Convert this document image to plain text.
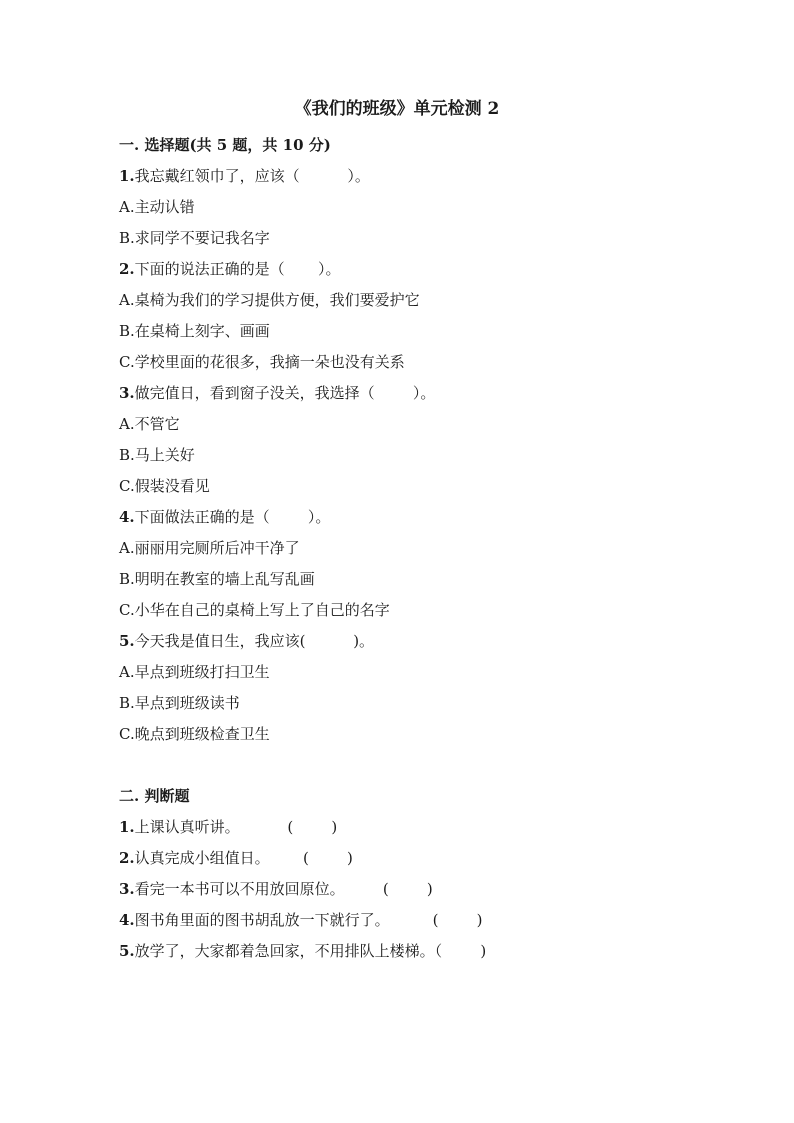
《我们的班级》单元检测 2
一. 选择题(共 5 题，共 10 分)
1.我忘戴红领巾了，应该（          ）。
A.主动认错
B.求同学不要记我名字
2.下面的说法正确的是（       ）。
A.桌椅为我们的学习提供方便，我们要爱护它
B.在桌椅上刻字、画画
C.学校里面的花很多，我摘一朵也没有关系
3.做完值日，看到窗子没关，我选择（        ）。
A.不管它
B.马上关好
C.假装没看见
4.下面做法正确的是（        ）。
A.丽丽用完厕所后冲干净了
B.明明在教室的墙上乱写乱画
C.小华在自己的桌椅上写上了自己的名字
5.今天我是值日生，我应该(          )。
A.早点到班级打扫卫生
B.早点到班级读书
C.晚点到班级检查卫生
二. 判断题
1.上课认真听讲。          (        )
2.认真完成小组值日。       (        )
3.看完一本书可以不用放回原位。        (        )
4.图书角里面的图书胡乱放一下就行了。         (        )
5.放学了，大家都着急回家，不用排队上楼梯。（        )
